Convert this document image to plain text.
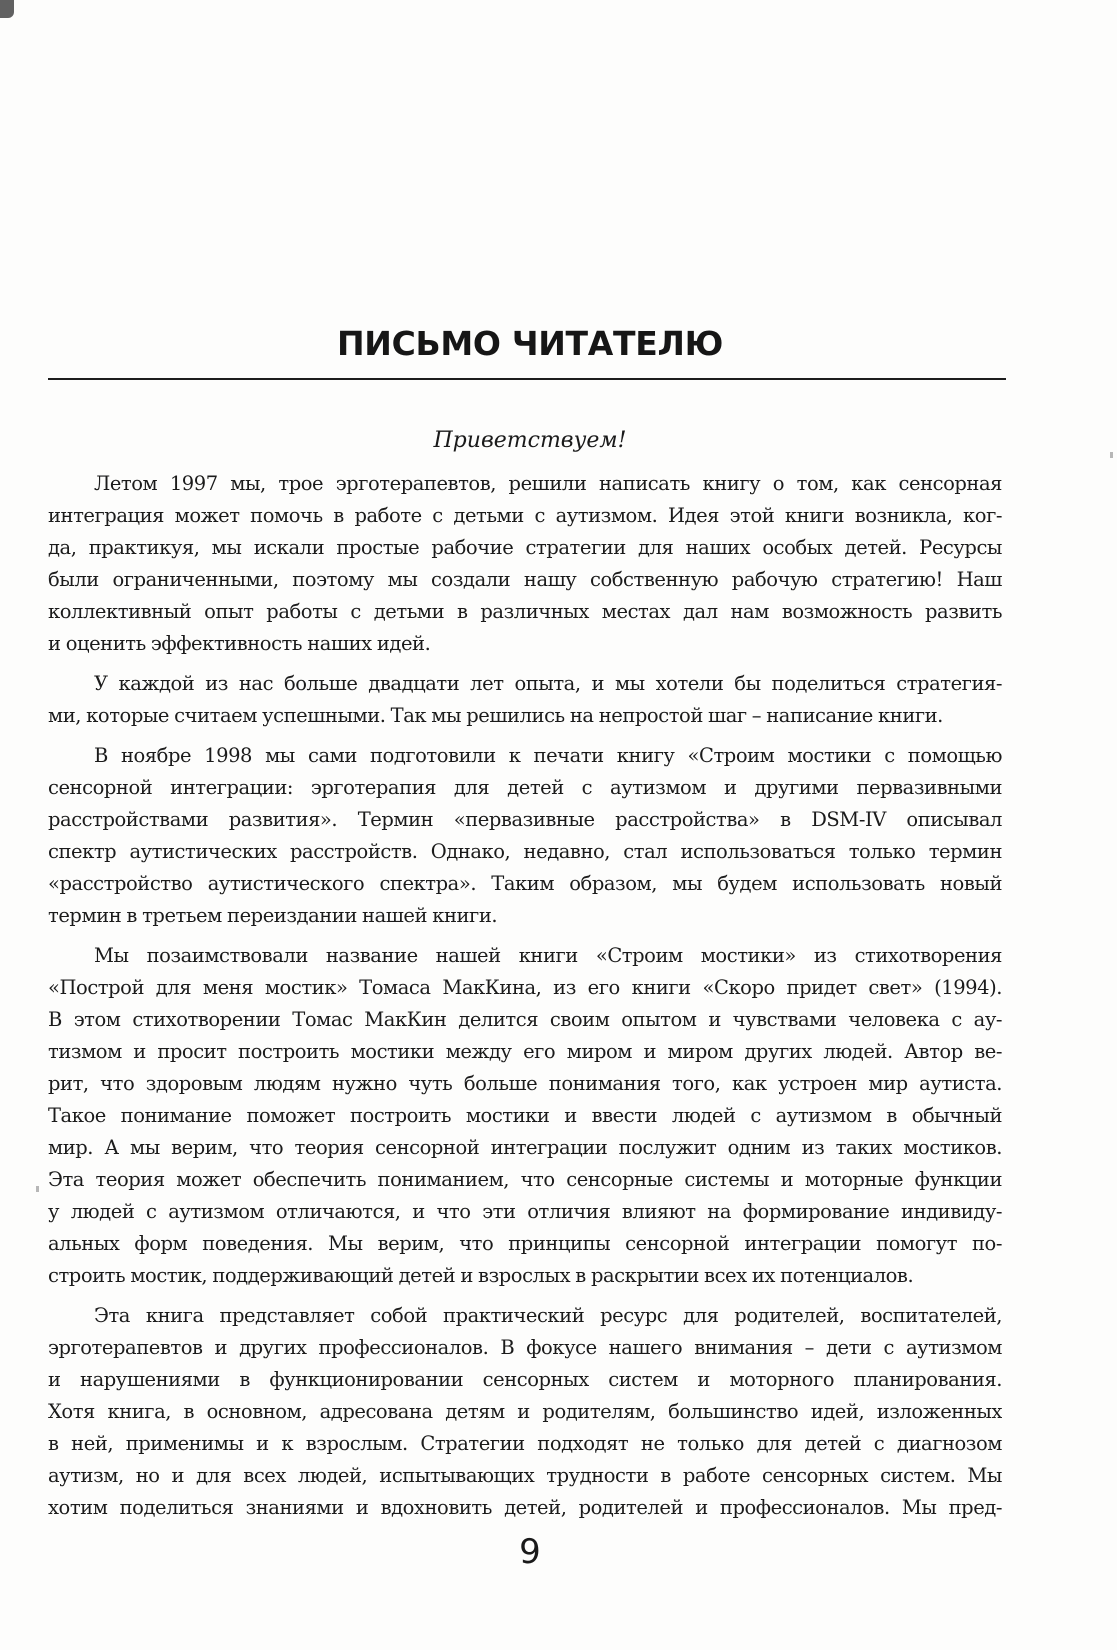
ПИСЬМО ЧИТАТЕЛЮ
Приветствуем!
Летом 1997 мы, трое эрготерапевтов, решили написать книгу о том, как сенсорная
интеграция может помочь в работе с детьми с аутизмом. Идея этой книги возникла, ког-
да, практикуя, мы искали простые рабочие стратегии для наших особых детей. Ресурсы
были ограниченными, поэтому мы создали нашу собственную рабочую стратегию! Наш
коллективный опыт работы с детьми в различных местах дал нам возможность развить
и оценить эффективность наших идей.
У каждой из нас больше двадцати лет опыта, и мы хотели бы поделиться стратегия-
ми, которые считаем успешными. Так мы решились на непростой шаг – написание книги.
В ноябре 1998 мы сами подготовили к печати книгу «Строим мостики с помощью
сенсорной интеграции: эрготерапия для детей с аутизмом и другими первазивными
расстройствами развития». Термин «первазивные расстройства» в DSM-IV описывал
спектр аутистических расстройств. Однако, недавно, стал использоваться только термин
«расстройство аутистического спектра». Таким образом, мы будем использовать новый
термин в третьем переиздании нашей книги.
Мы позаимствовали название нашей книги «Строим мостики» из стихотворения
«Построй для меня мостик» Томаса МакКина, из его книги «Скоро придет свет» (1994).
В этом стихотворении Томас МакКин делится своим опытом и чувствами человека с ау-
тизмом и просит построить мостики между его миром и миром других людей. Автор ве-
рит, что здоровым людям нужно чуть больше понимания того, как устроен мир аутиста.
Такое понимание поможет построить мостики и ввести людей с аутизмом в обычный
мир. А мы верим, что теория сенсорной интеграции послужит одним из таких мостиков.
Эта теория может обеспечить пониманием, что сенсорные системы и моторные функции
у людей с аутизмом отличаются, и что эти отличия влияют на формирование индивиду-
альных форм поведения. Мы верим, что принципы сенсорной интеграции помогут по-
строить мостик, поддерживающий детей и взрослых в раскрытии всех их потенциалов.
Эта книга представляет собой практический ресурс для родителей, воспитателей,
эрготерапевтов и других профессионалов. В фокусе нашего внимания – дети с аутизмом
и нарушениями в функционировании сенсорных систем и моторного планирования.
Хотя книга, в основном, адресована детям и родителям, большинство идей, изложенных
в ней, применимы и к взрослым. Стратегии подходят не только для детей с диагнозом
аутизм, но и для всех людей, испытывающих трудности в работе сенсорных систем. Мы
хотим поделиться знаниями и вдохновить детей, родителей и профессионалов. Мы пред-
9
